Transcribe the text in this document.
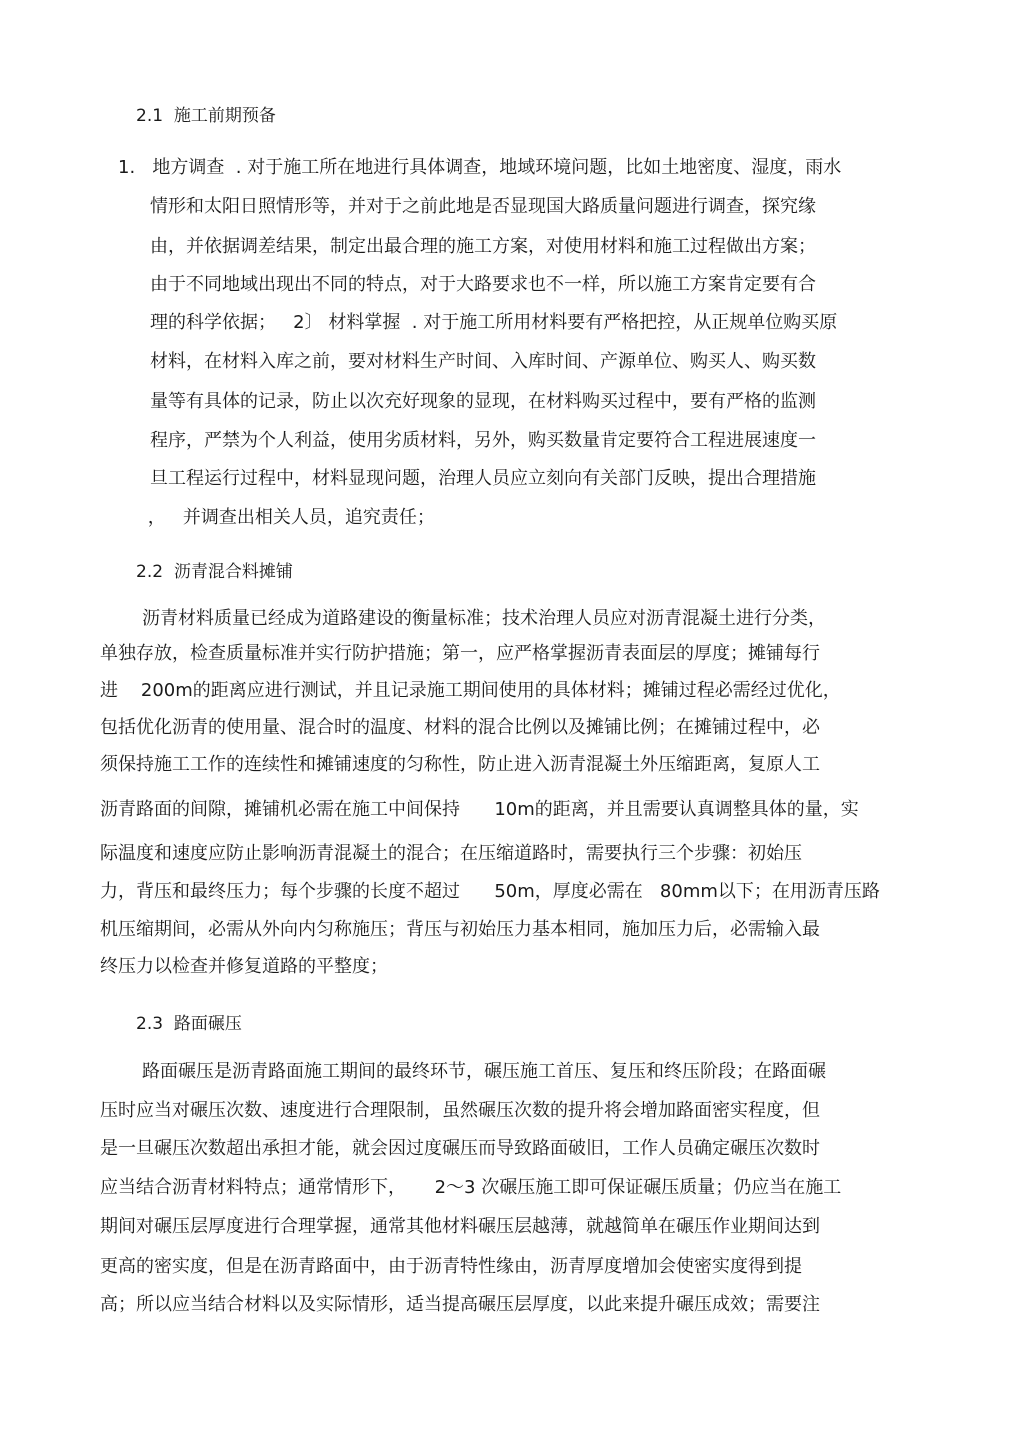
2.1  施工前期预备
1.   地方调查  . 对于施工所在地进行具体调查，地域环境问题，比如土地密度、湿度，雨水
情形和太阳日照情形等，并对于之前此地是否显现国大路质量问题进行调查，探究缘
由，并依据调差结果，制定出最合理的施工方案，对使用材料和施工过程做出方案；
由于不同地域出现出不同的特点，对于大路要求也不一样，所以施工方案肯定要有合
理的科学依据；   2〕 材料掌握  . 对于施工所用材料要有严格把控，从正规单位购买原
材料，在材料入库之前，要对材料生产时间、入库时间、产源单位、购买人、购买数
量等有具体的记录，防止以次充好现象的显现，在材料购买过程中，要有严格的监测
程序，严禁为个人利益，使用劣质材料，另外，购买数量肯定要符合工程进展速度一
旦工程运行过程中，材料显现问题，治理人员应立刻向有关部门反映，提出合理措施
，   并调查出相关人员，追究责任；
2.2  沥青混合料摊铺
沥青材料质量已经成为道路建设的衡量标准；技术治理人员应对沥青混凝土进行分类，
单独存放，检查质量标准并实行防护措施；第一，应严格掌握沥青表面层的厚度；摊铺每行
进    200m的距离应进行测试，并且记录施工期间使用的具体材料；摊铺过程必需经过优化，
包括优化沥青的使用量、混合时的温度、材料的混合比例以及摊铺比例；在摊铺过程中，必
须保持施工工作的连续性和摊铺速度的匀称性，防止进入沥青混凝土外压缩距离，复原人工
沥青路面的间隙，摊铺机必需在施工中间保持      10m的距离，并且需要认真调整具体的量，实
际温度和速度应防止影响沥青混凝土的混合；在压缩道路时，需要执行三个步骤：初始压
力，背压和最终压力；每个步骤的长度不超过      50m，厚度必需在   80mm以下；在用沥青压路
机压缩期间，必需从外向内匀称施压；背压与初始压力基本相同，施加压力后，必需输入最
终压力以检查并修复道路的平整度；
2.3  路面碾压
路面碾压是沥青路面施工期间的最终环节，碾压施工首压、复压和终压阶段；在路面碾
压时应当对碾压次数、速度进行合理限制，虽然碾压次数的提升将会增加路面密实程度，但
是一旦碾压次数超出承担才能，就会因过度碾压而导致路面破旧，工作人员确定碾压次数时
应当结合沥青材料特点；通常情形下，     2～3 次碾压施工即可保证碾压质量；仍应当在施工
期间对碾压层厚度进行合理掌握，通常其他材料碾压层越薄，就越简单在碾压作业期间达到
更高的密实度，但是在沥青路面中，由于沥青特性缘由，沥青厚度增加会使密实度得到提
高；所以应当结合材料以及实际情形，适当提高碾压层厚度，以此来提升碾压成效；需要注
